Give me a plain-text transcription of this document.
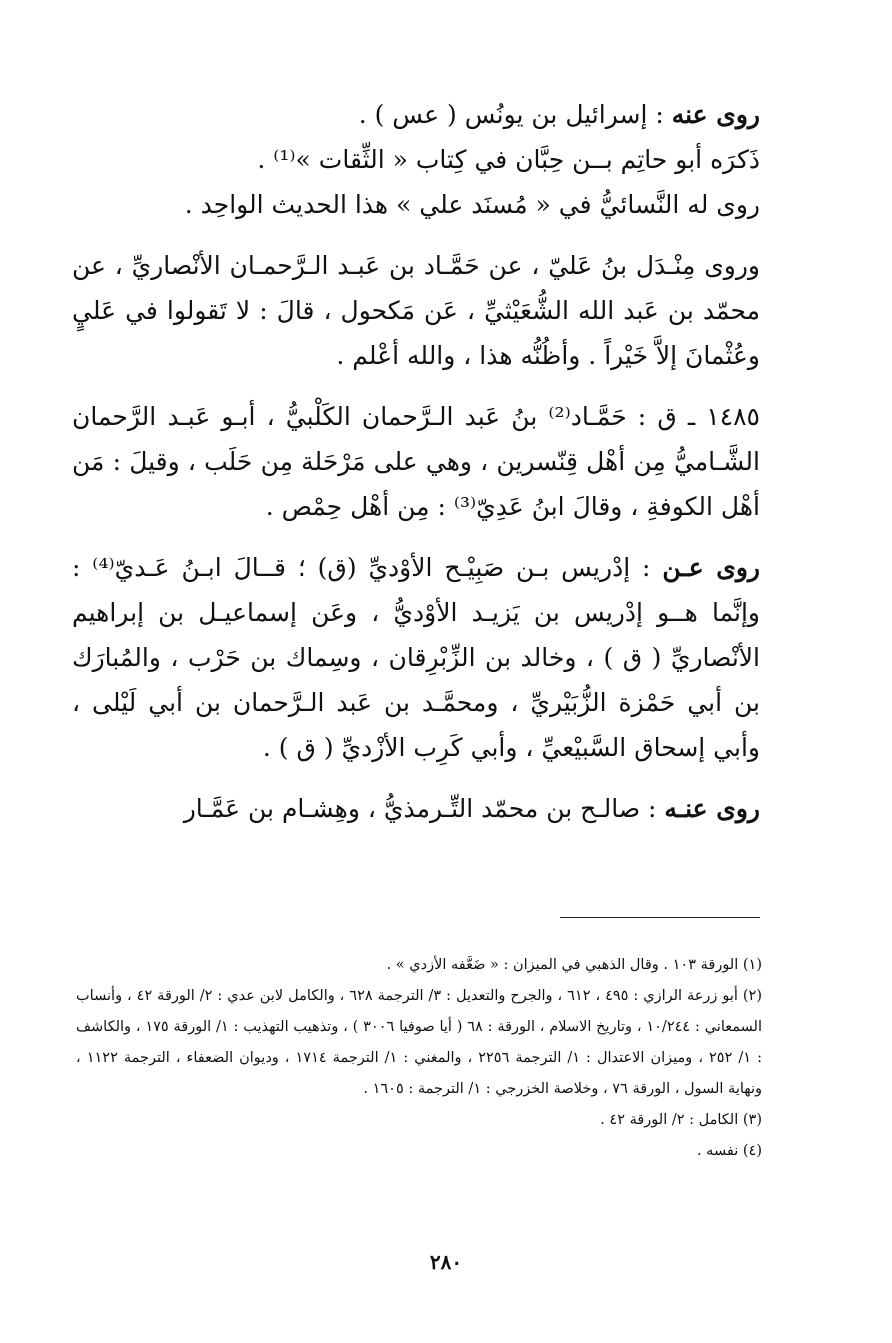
روى عنه : إسرائيل بن يونُس ( عس ) .

ذَكرَه أبو حاتِم بــن حِبَّان في كِتاب « الثِّقات »⁽¹⁾ .

روى له النَّسائيُّ في « مُسنَد علي » هذا الحديث الواحِد .

وروى مِنْـدَل بنُ عَليّ ، عن حَمَّـاد بن عَبـد الـرَّحمـان الأنْصاريِّ ، عن محمّد بن عَبد الله الشُّعَيْثيِّ ، عَن مَكحول ، قالَ : لا تَقولوا في عَليٍ وعُثْمانَ إلاَّ خَيْراً . وأظُنُّه هذا ، والله أعْلم .

١٤٨٥ ـ ق : حَمَّـاد⁽²⁾ بنُ عَبد الـرَّحمان الكَلْبيُّ ، أبـو عَبـد الرَّحمان الشَّـاميُّ مِن أهْل قِنّسرين ، وهي على مَرْحَلة مِن حَلَب ، وقيلَ : مَن أهْل الكوفةِ ، وقالَ ابنُ عَدِيّ⁽³⁾ : مِن أهْل حِمْص .

روى عـن : إدْريس بـن صَبِيْـح الأوْديِّ (ق) ؛ قــالَ ابـنُ عَـديّ⁽⁴⁾ : وإنَّما هــو إدْريس بن يَزيـد الأوْديُّ ، وعَن إسماعيـل بن إبراهيم الأنْصاريِّ ( ق ) ، وخالد بن الزِّبْرِقان ، وسِماك بن حَرْب ، والمُبارَك بن أبي حَمْزة الزُّبَيْريِّ ، ومحمَّـد بن عَبد الـرَّحمان بن أبي لَيْلى ، وأبي إسحاق السَّبيْعيِّ ، وأبي كَرِب الأزْديِّ ( ق ) .

روى عنـه : صالـح بن محمّد التِّـرمذيُّ ، وهِشـام بن عَمَّـار

(١) الورقة ١٠٣ . وقال الذهبي في الميزان : « ضَعَّفه الأزدي » .

(٢) أبو زرعة الرازي : ٤٩٥ ، ٦١٢ ، والجرح والتعديل : ٣/ الترجمة ٦٢٨ ، والكامل لابن عدي : ٢/ الورقة ٤٢ ، وأنساب السمعاني : ١٠/٢٤٤ ، وتاريخ الاسلام ، الورقة : ٦٨ ( أيا صوفيا ٣٠٠٦ ) ، وتذهيب التهذيب : ١/ الورقة ١٧٥ ، والكاشف : ١/ ٢٥٢ ، وميزان الاعتدال : ١/ الترجمة ٢٢٥٦ ، والمغني : ١/ الترجمة ١٧١٤ ، وديوان الضعفاء ، الترجمة ١١٢٢ ، ونهاية السول ، الورقة ٧٦ ، وخلاصة الخزرجي : ١/ الترجمة : ١٦٠٥ .

(٣) الكامل : ٢/ الورقة ٤٢ .

(٤) نفسه .

٢٨٠
